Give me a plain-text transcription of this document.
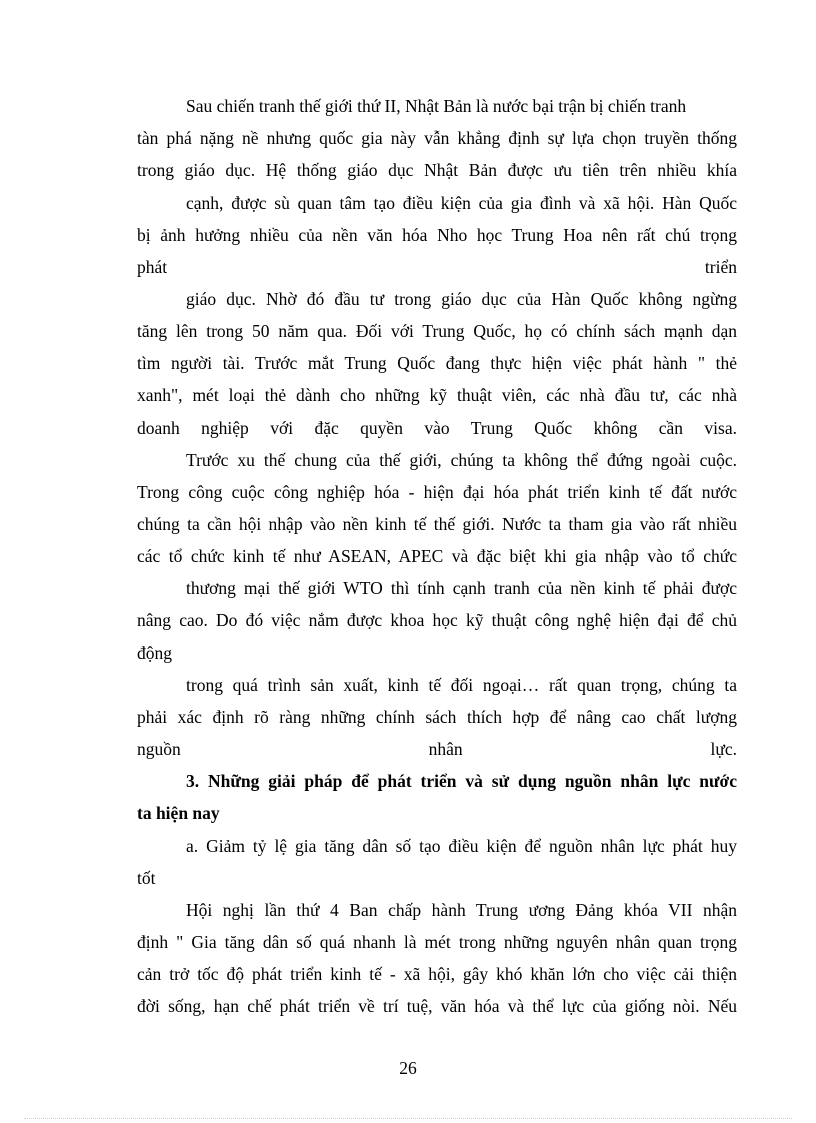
Sau chiến tranh thế giới thứ II, Nhật Bản là nước bại trận bị chiến tranh
tàn phá nặng nề nhưng quốc gia này vẫn khẳng định sự lựa chọn truyền thống
trong giáo dục. Hệ thống giáo dục Nhật Bản được ưu tiên trên nhiều khía
cạnh, được sù quan tâm tạo điều kiện của gia đình và xã hội. Hàn Quốc
bị ảnh hưởng nhiều của nền văn hóa Nho học Trung Hoa nên rất chú trọng
phát triển
giáo dục. Nhờ đó đầu tư trong giáo dục của Hàn Quốc không ngừng
tăng lên trong 50 năm qua. Đối với Trung Quốc, họ có chính sách mạnh dạn
tìm người tài. Trước mắt Trung Quốc đang thực hiện việc phát hành " thẻ
xanh", mét loại thẻ dành cho những kỹ thuật viên, các nhà đầu tư, các nhà
doanh nghiệp với đặc quyền vào Trung Quốc không cần visa.
Trước xu thế chung của thế giới, chúng ta không thể đứng ngoài cuộc.
Trong công cuộc công nghiệp hóa - hiện đại hóa phát triển kinh tế đất nước
chúng ta cần hội nhập vào nền kinh tế thế giới. Nước ta tham gia vào rất nhiều
các tổ chức kinh tế như ASEAN, APEC và đặc biệt khi gia nhập vào tổ chức
thương mại thế giới WTO thì tính cạnh tranh của nền kinh tế phải được
nâng cao. Do đó việc nắm được khoa học kỹ thuật công nghệ hiện đại để chủ
động
trong quá trình sản xuất, kinh tế đối ngoại… rất quan trọng, chúng ta
phải xác định rõ ràng những chính sách thích hợp để nâng cao chất lượng
nguồn nhân lực.
3. Những giải pháp để phát triển và sử dụng nguồn nhân lực nước
ta hiện nay
a. Giảm tỷ lệ gia tăng dân số tạo điều kiện để nguồn nhân lực phát huy
tốt
Hội nghị lần thứ 4 Ban chấp hành Trung ương Đảng khóa VII nhận
định " Gia tăng dân số quá nhanh là mét trong những nguyên nhân quan trọng
cản trở tốc độ phát triển kinh tế - xã hội, gây khó khăn lớn cho việc cải thiện
đời sống, hạn chế phát triển về trí tuệ, văn hóa và thể lực của giống nòi. Nếu
26
